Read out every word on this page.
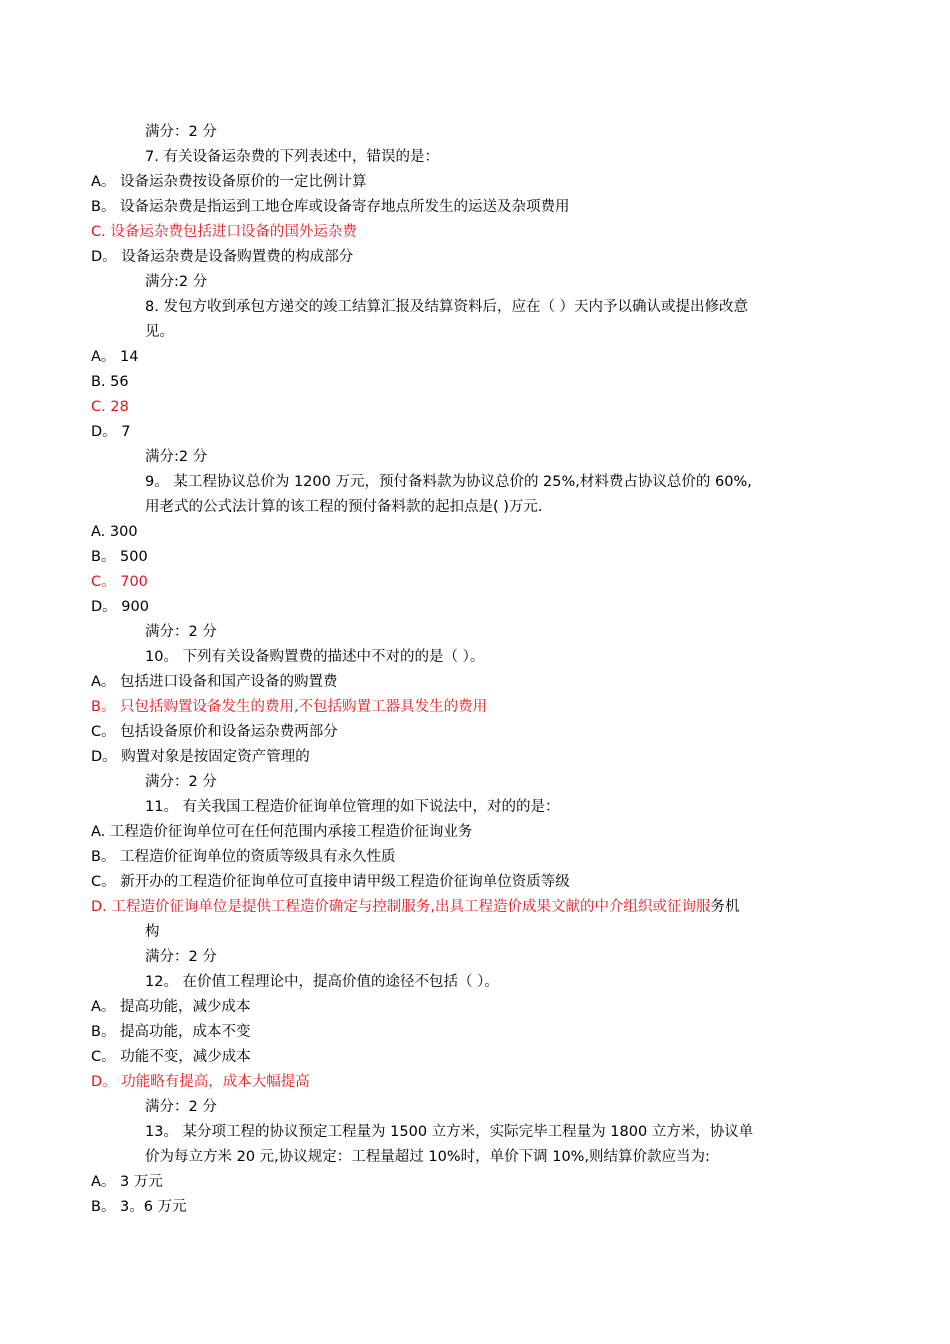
满分：2 分
7. 有关设备运杂费的下列表述中，错误的是：
A。 设备运杂费按设备原价的一定比例计算
B。 设备运杂费是指运到工地仓库或设备寄存地点所发生的运送及杂项费用
C. 设备运杂费包括进口设备的国外运杂费
D。 设备运杂费是设备购置费的构成部分
满分:2 分
8. 发包方收到承包方递交的竣工结算汇报及结算资料后，应在（ ）天内予以确认或提出修改意
见。
A。 14
B. 56
C. 28
D。 7
满分:2 分
9。 某工程协议总价为 1200 万元，预付备料款为协议总价的 25%,材料费占协议总价的 60%,
用老式的公式法计算的该工程的预付备料款的起扣点是( )万元.
A. 300
B。 500
C。 700
D。 900
满分：2 分
10。 下列有关设备购置费的描述中不对的的是（ ）。
A。 包括进口设备和国产设备的购置费
B。 只包括购置设备发生的费用,不包括购置工器具发生的费用
C。 包括设备原价和设备运杂费两部分
D。 购置对象是按固定资产管理的
满分：2 分
11。 有关我国工程造价征询单位管理的如下说法中，对的的是：
A. 工程造价征询单位可在任何范围内承接工程造价征询业务
B。 工程造价征询单位的资质等级具有永久性质
C。 新开办的工程造价征询单位可直接申请甲级工程造价征询单位资质等级
D. 工程造价征询单位是提供工程造价确定与控制服务,出具工程造价成果文献的中介组织或征询服务机
构
满分：2 分
12。 在价值工程理论中，提高价值的途径不包括（ ）。
A。 提高功能，减少成本
B。 提高功能，成本不变
C。 功能不变，减少成本
D。 功能略有提高，成本大幅提高
满分：2 分
13。 某分项工程的协议预定工程量为 1500 立方米，实际完毕工程量为 1800 立方米，协议单
价为每立方米 20 元,协议规定：工程量超过 10%时，单价下调 10%,则结算价款应当为:
A。 3 万元
B。 3。6 万元
